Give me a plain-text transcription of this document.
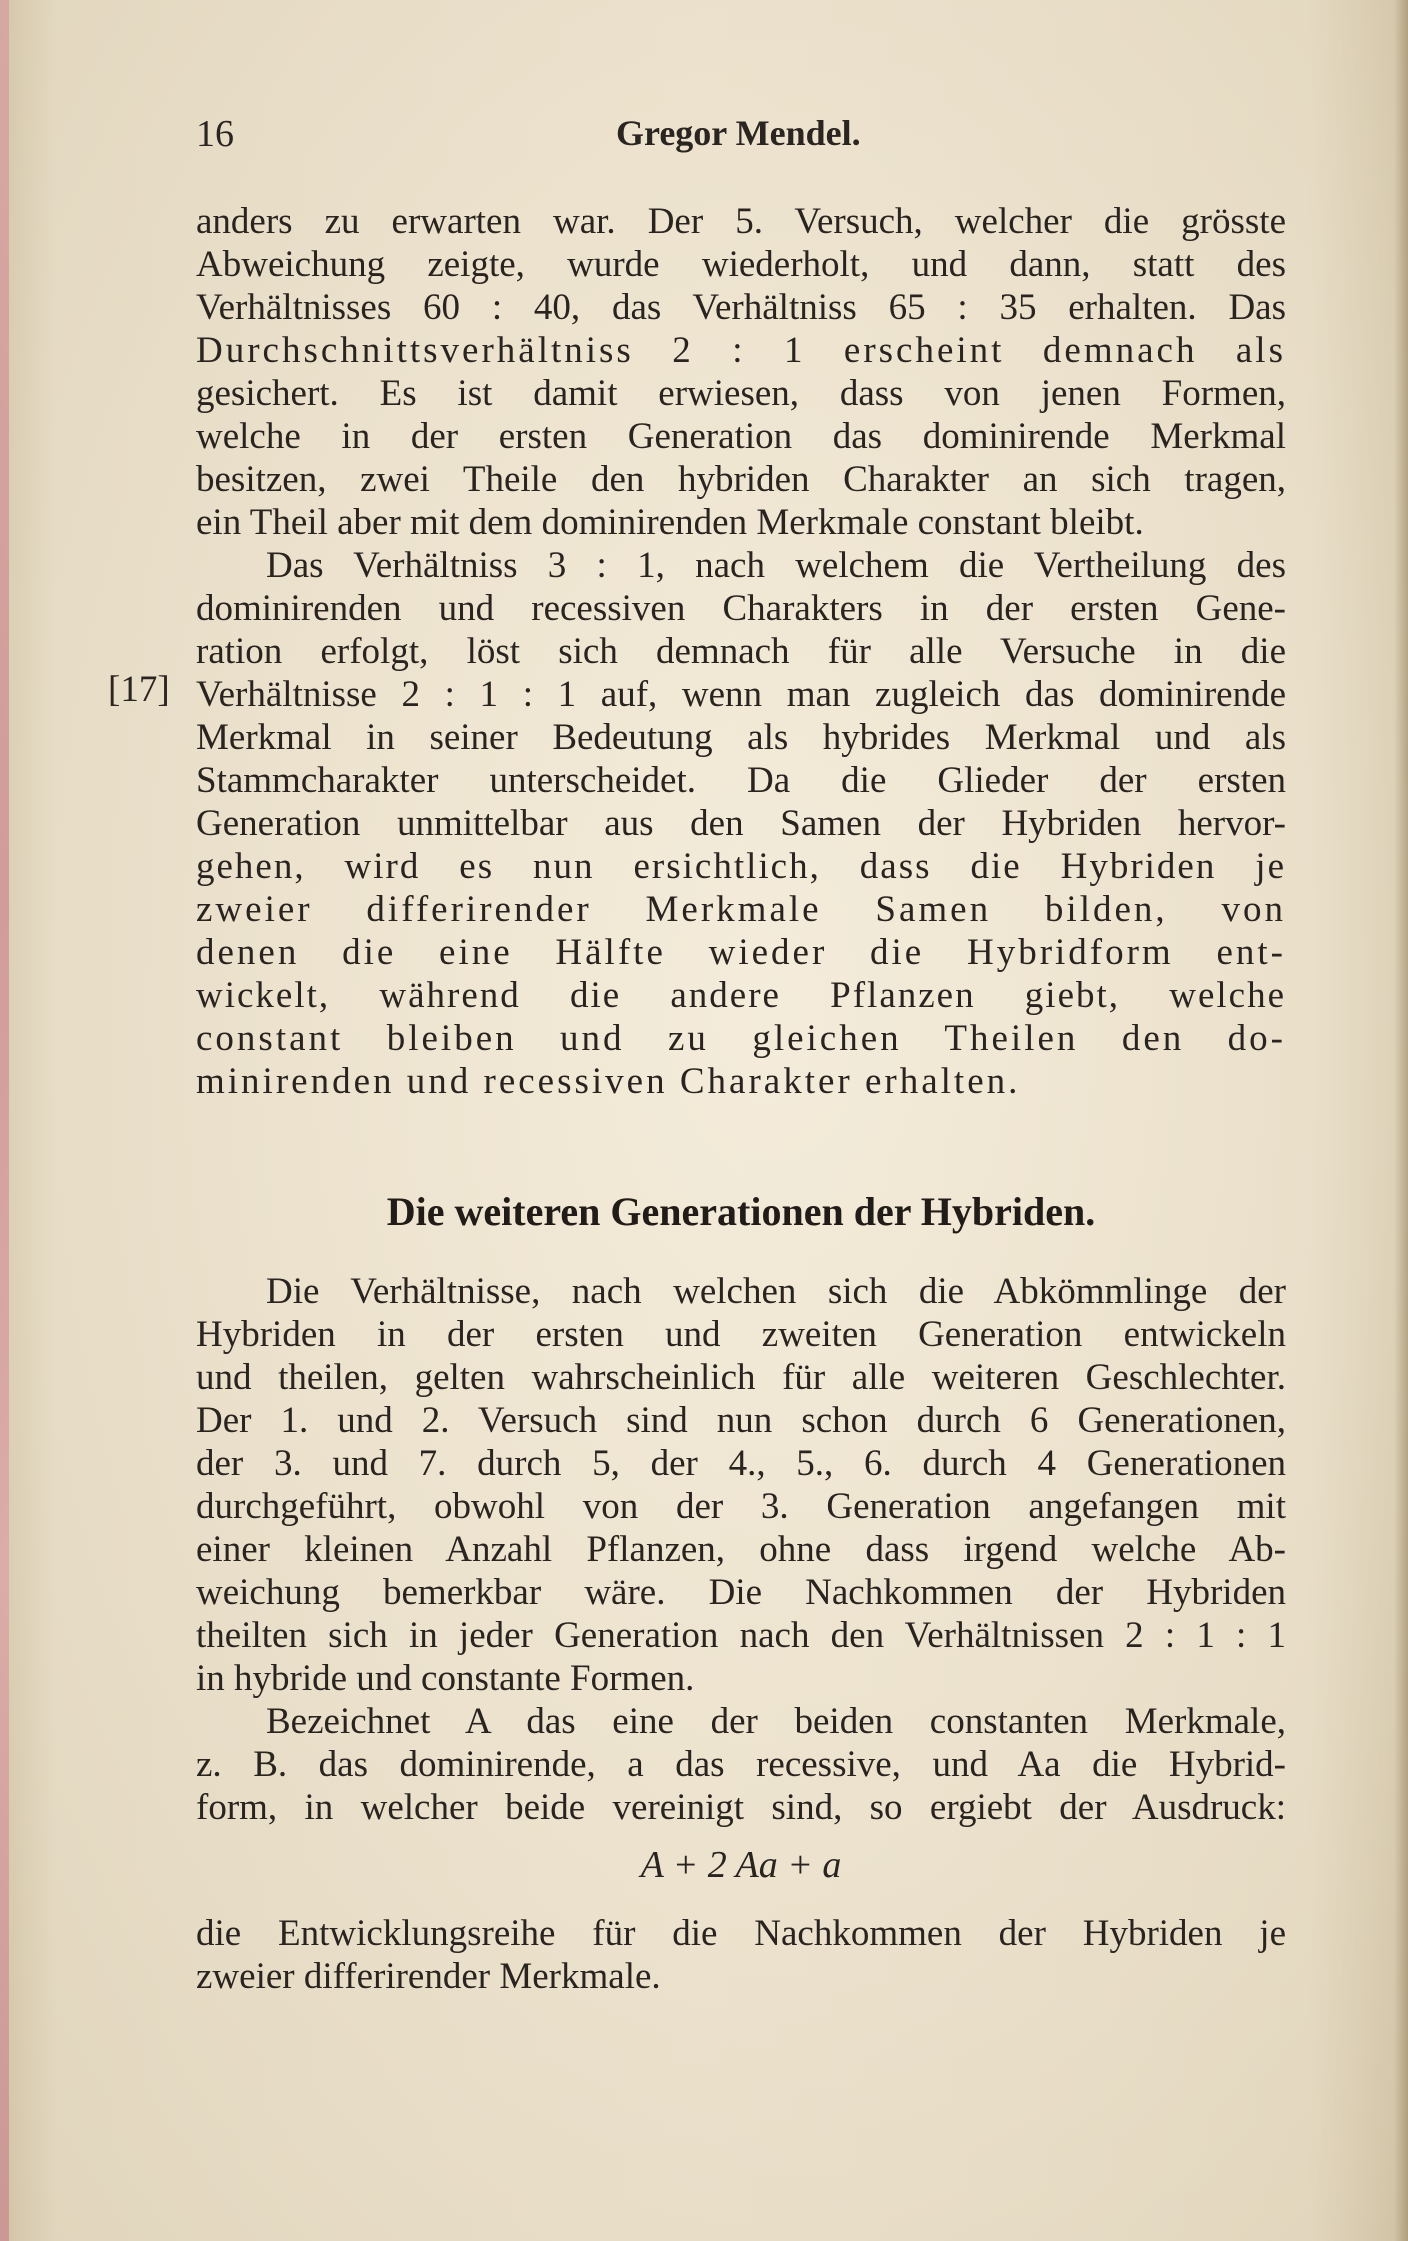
16	Gregor Mendel.
[17]
anders zu erwarten war. Der 5. Versuch, welcher die grösste
Abweichung zeigte, wurde wiederholt, und dann, statt des
Verhältnisses 60 : 40, das Verhältniss 65 : 35 erhalten. Das
Durchschnittsverhältniss 2 : 1 erscheint demnach als
gesichert. Es ist damit erwiesen, dass von jenen Formen,
welche in der ersten Generation das dominirende Merkmal
besitzen, zwei Theile den hybriden Charakter an sich tragen,
ein Theil aber mit dem dominirenden Merkmale constant bleibt.
Das Verhältniss 3 : 1, nach welchem die Vertheilung des
dominirenden und recessiven Charakters in der ersten Gene-
ration erfolgt, löst sich demnach für alle Versuche in die
Verhältnisse 2 : 1 : 1 auf, wenn man zugleich das dominirende
Merkmal in seiner Bedeutung als hybrides Merkmal und als
Stammcharakter unterscheidet. Da die Glieder der ersten
Generation unmittelbar aus den Samen der Hybriden hervor-
gehen, wird es nun ersichtlich, dass die Hybriden je
zweier differirender Merkmale Samen bilden, von
denen die eine Hälfte wieder die Hybridform ent-
wickelt, während die andere Pflanzen giebt, welche
constant bleiben und zu gleichen Theilen den do-
minirenden und recessiven Charakter erhalten.
Die weiteren Generationen der Hybriden.
Die Verhältnisse, nach welchen sich die Abkömmlinge der
Hybriden in der ersten und zweiten Generation entwickeln
und theilen, gelten wahrscheinlich für alle weiteren Geschlechter.
Der 1. und 2. Versuch sind nun schon durch 6 Generationen,
der 3. und 7. durch 5, der 4., 5., 6. durch 4 Generationen
durchgeführt, obwohl von der 3. Generation angefangen mit
einer kleinen Anzahl Pflanzen, ohne dass irgend welche Ab-
weichung bemerkbar wäre. Die Nachkommen der Hybriden
theilten sich in jeder Generation nach den Verhältnissen 2 : 1 : 1
in hybride und constante Formen.
Bezeichnet A das eine der beiden constanten Merkmale,
z. B. das dominirende, a das recessive, und Aa die Hybrid-
form, in welcher beide vereinigt sind, so ergiebt der Ausdruck:
A + 2 Aa + a
die Entwicklungsreihe für die Nachkommen der Hybriden je
zweier differirender Merkmale.
